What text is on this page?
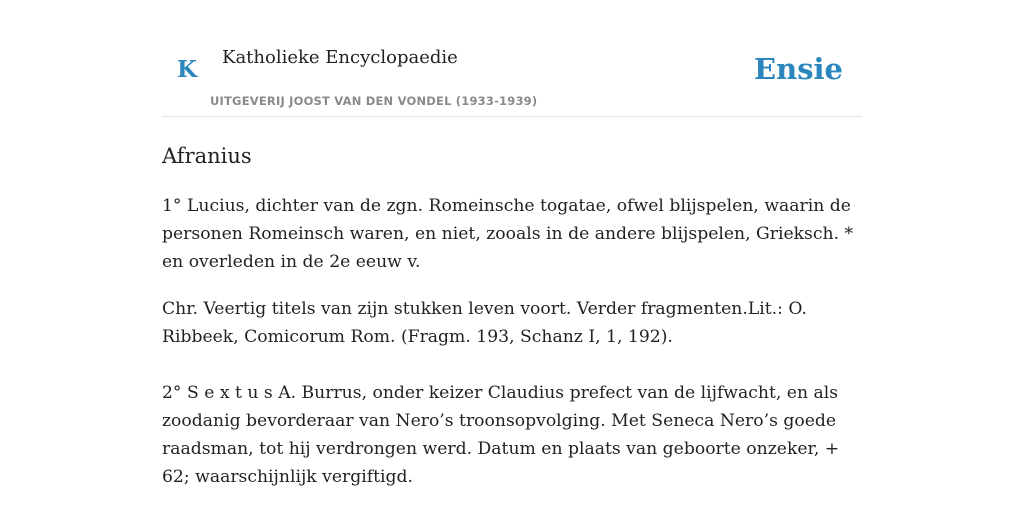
K Katholieke Encyclopaedie
UITGEVERIJ JOOST VAN DEN VONDEL (1933-1939)
Ensie
Afranius

1° Lucius, dichter van de zgn. Romeinsche togatae, ofwel blijspelen, waarin de personen Romeinsch waren, en niet, zooals in de andere blijspelen, Grieksch. * en overleden in de 2e eeuw v.

Chr. Veertig titels van zijn stukken leven voort. Verder fragmenten.Lit.: O. Ribbeek, Comicorum Rom. (Fragm. 193, Schanz I, 1, 192).

2° S e x t u s A. Burrus, onder keizer Claudius prefect van de lijfwacht, en als zoodanig bevorderaar van Nero’s troonsopvolging. Met Seneca Nero’s goede raadsman, tot hij verdrongen werd. Datum en plaats van geboorte onzeker, + 62; waarschijnlijk vergiftigd.
